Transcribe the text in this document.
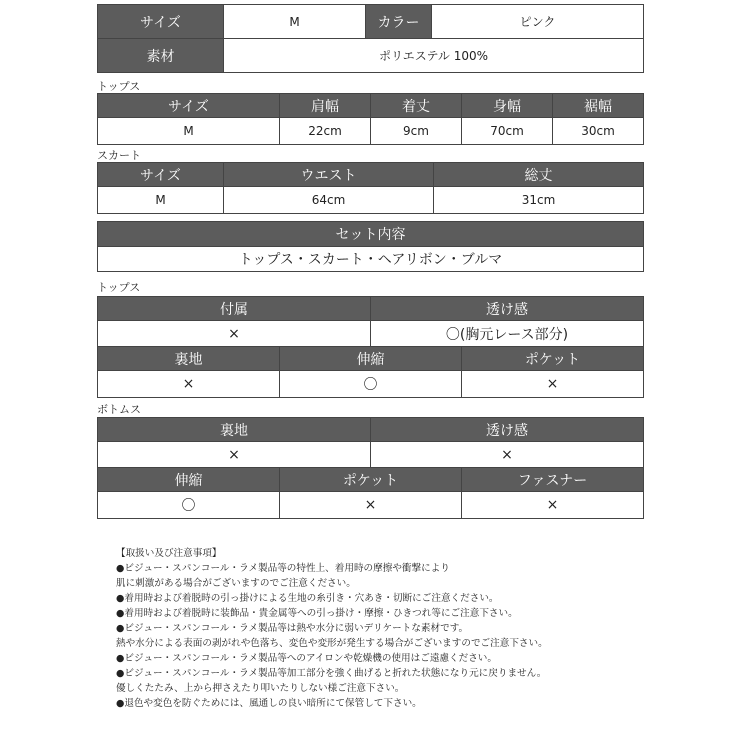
サイズ	M	カラー	ピンク
素材	ポリエステル 100%		
トップス
サイズ	肩幅	着丈	身幅	裾幅
M	22cm	9cm	70cm	30cm
スカート
サイズ	ウエスト	総丈
M	64cm	31cm
セット内容
トップス・スカート・ヘアリボン・ブルマ
トップス
付属	透け感
×	〇(胸元レース部分)
裏地	伸縮	ポケット
×	〇	×
ボトムス
裏地	透け感
×	×
伸縮	ポケット	ファスナー
〇	×	×
【取扱い及び注意事項】
●ビジュー・スパンコール・ラメ製品等の特性上、着用時の摩擦や衝撃により
肌に刺激がある場合がございますのでご注意ください。
●着用時および着脱時の引っ掛けによる生地の糸引き・穴あき・切断にご注意ください。
●着用時および着脱時に装飾品・貴金属等への引っ掛け・摩擦・ひきつれ等にご注意下さい。
●ビジュー・スパンコール・ラメ製品等は熱や水分に弱いデリケートな素材です。
熱や水分による表面の剥がれや色落ち、変色や変形が発生する場合がございますのでご注意下さい。
●ビジュー・スパンコール・ラメ製品等へのアイロンや乾燥機の使用はご遠慮ください。
●ビジュー・スパンコール・ラメ製品等加工部分を強く曲げると折れた状態になり元に戻りません。
優しくたたみ、上から押さえたり叩いたりしない様ご注意下さい。
●退色や変色を防ぐためには、風通しの良い暗所にて保管して下さい。
